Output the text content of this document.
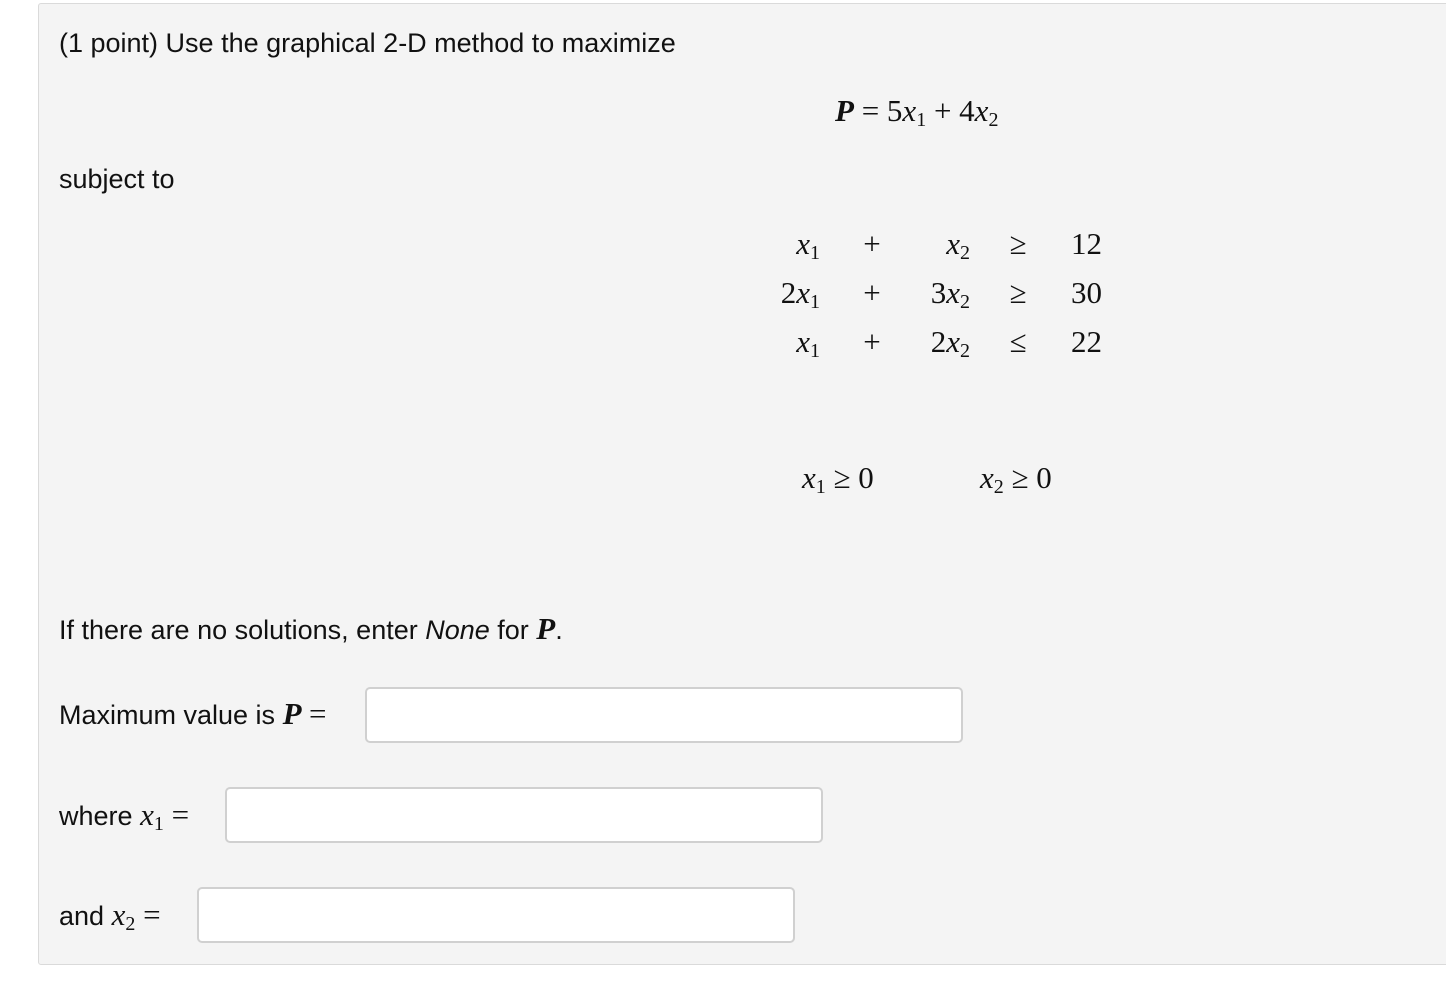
(1 point) Use the graphical 2-D method to maximize
$P = 5x_1 + 4x_2$
subject to
$x_1$	+	$x_2$	≥	12
$2x_1$	+	$3x_2$	≥	30
$x_1$	+	$2x_2$	≤	22
$x_1 \ge 0$	$x_2 \ge 0$
If there are no solutions, enter None for P.
Maximum value is P =
where $x_1$ =
and $x_2$ =
